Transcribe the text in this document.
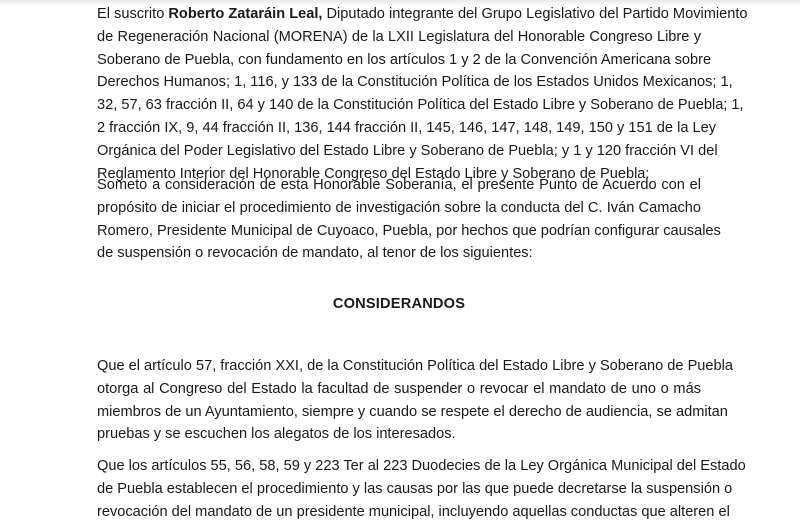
El suscrito Roberto Zataráin Leal, Diputado integrante del Grupo Legislativo del Partido Movimiento
de Regeneración Nacional (MORENA) de la LXII Legislatura del Honorable Congreso Libre y
Soberano de Puebla, con fundamento en los artículos 1 y 2 de la Convención Americana sobre
Derechos Humanos; 1, 116, y 133 de la Constitución Política de los Estados Unidos Mexicanos; 1,
32, 57, 63 fracción II, 64 y 140 de la Constitución Política del Estado Libre y Soberano de Puebla; 1,
2 fracción IX, 9, 44 fracción II, 136, 144 fracción II, 145, 146, 147, 148, 149, 150 y 151 de la Ley
Orgánica del Poder Legislativo del Estado Libre y Soberano de Puebla; y 1 y 120 fracción VI del
Reglamento Interior del Honorable Congreso del Estado Libre y Soberano de Puebla:
Someto a consideración de esta Honorable Soberanía, el presente Punto de Acuerdo con el
propósito de iniciar el procedimiento de investigación sobre la conducta del C. Iván Camacho
Romero, Presidente Municipal de Cuyoaco, Puebla, por hechos que podrían configurar causales
de suspensión o revocación de mandato, al tenor de los siguientes:
CONSIDERANDOS
Que el artículo 57, fracción XXI, de la Constitución Política del Estado Libre y Soberano de Puebla
otorga al Congreso del Estado la facultad de suspender o revocar el mandato de uno o más
miembros de un Ayuntamiento, siempre y cuando se respete el derecho de audiencia, se admitan
pruebas y se escuchen los alegatos de los interesados.
Que los artículos 55, 56, 58, 59 y 223 Ter al 223 Duodecies de la Ley Orgánica Municipal del Estado
de Puebla establecen el procedimiento y las causas por las que puede decretarse la suspensión o
revocación del mandato de un presidente municipal, incluyendo aquellas conductas que alteren el
